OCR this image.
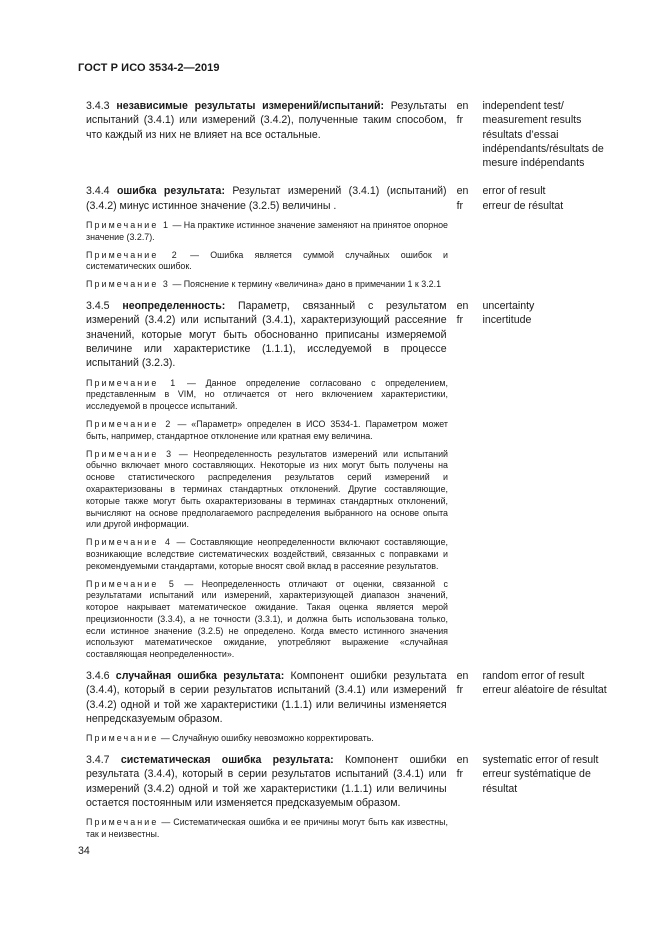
ГОСТ Р ИСО 3534-2—2019
3.4.3 независимые результаты измерений/испытаний: Результаты испытаний (3.4.1) или измерений (3.4.2), полученные таким способом, что каждый из них не влияет на все остальные.
en
fr
independent test/ measurement results
résultats d’essai indépendants/résultats de mesure indépendants
3.4.4 ошибка результата: Результат измерений (3.4.1) (испытаний) (3.4.2) минус истинное значение (3.2.5) величины .
en
fr
error of result
erreur de résultat
Примечание 1 — На практике истинное значение заменяют на принятое опорное значение (3.2.7).
Примечание 2 — Ошибка является суммой случайных ошибок и систематических ошибок.
Примечание 3 — Пояснение к термину «величина» дано в примечании 1 к 3.2.1
3.4.5 неопределенность: Параметр, связанный с результатом измерений (3.4.2) или испытаний (3.4.1), характеризующий рассеяние значений, которые могут быть обоснованно приписаны измеряемой величине или характеристике (1.1.1), исследуемой в процессе испытаний (3.2.3).
en
fr
uncertainty
incertitude
Примечание 1 — Данное определение согласовано с определением, представленным в VIM, но отличается от него включением характеристики, исследуемой в процессе испытаний.
Примечание 2 — «Параметр» определен в ИСО 3534-1. Параметром может быть, например, стандартное отклонение или кратная ему величина.
Примечание 3 — Неопределенность результатов измерений или испытаний обычно включает много составляющих. Некоторые из них могут быть получены на основе статистического распределения результатов серий измерений и охарактеризованы в терминах стандартных отклонений. Другие составляющие, которые также могут быть охарактеризованы в терминах стандартных отклонений, вычисляют на основе предполагаемого распределения выбранного на основе опыта или другой информации.
Примечание 4 — Составляющие неопределенности включают составляющие, возникающие вследствие систематических воздействий, связанных с поправками и рекомендуемыми стандартами, которые вносят свой вклад в рассеяние результатов.
Примечание 5 — Неопределенность отличают от оценки, связанной с результатами испытаний или измерений, характеризующей диапазон значений, которое накрывает математическое ожидание. Такая оценка является мерой прецизионности (3.3.4), а не точности (3.3.1), и должна быть использована только, если истинное значение (3.2.5) не определено. Когда вместо истинного значения используют математическое ожидание, употребляют выражение «случайная составляющая неопределенности».
3.4.6 случайная ошибка результата: Компонент ошибки результата (3.4.4), который в серии результатов испытаний (3.4.1) или измерений (3.4.2) одной и той же характеристики (1.1.1) или величины изменяется непредсказуемым образом.
en
fr
random error of result
erreur aléatoire de résultat
Примечание — Случайную ошибку невозможно корректировать.
3.4.7 систематическая ошибка результата: Компонент ошибки результата (3.4.4), который в серии результатов испытаний (3.4.1) или измерений (3.4.2) одной и той же характеристики (1.1.1) или величины остается постоянным или изменяется предсказуемым образом.
en
fr
systematic error of result
erreur systématique de résultat
Примечание — Систематическая ошибка и ее причины могут быть как известны, так и неизвестны.
34
